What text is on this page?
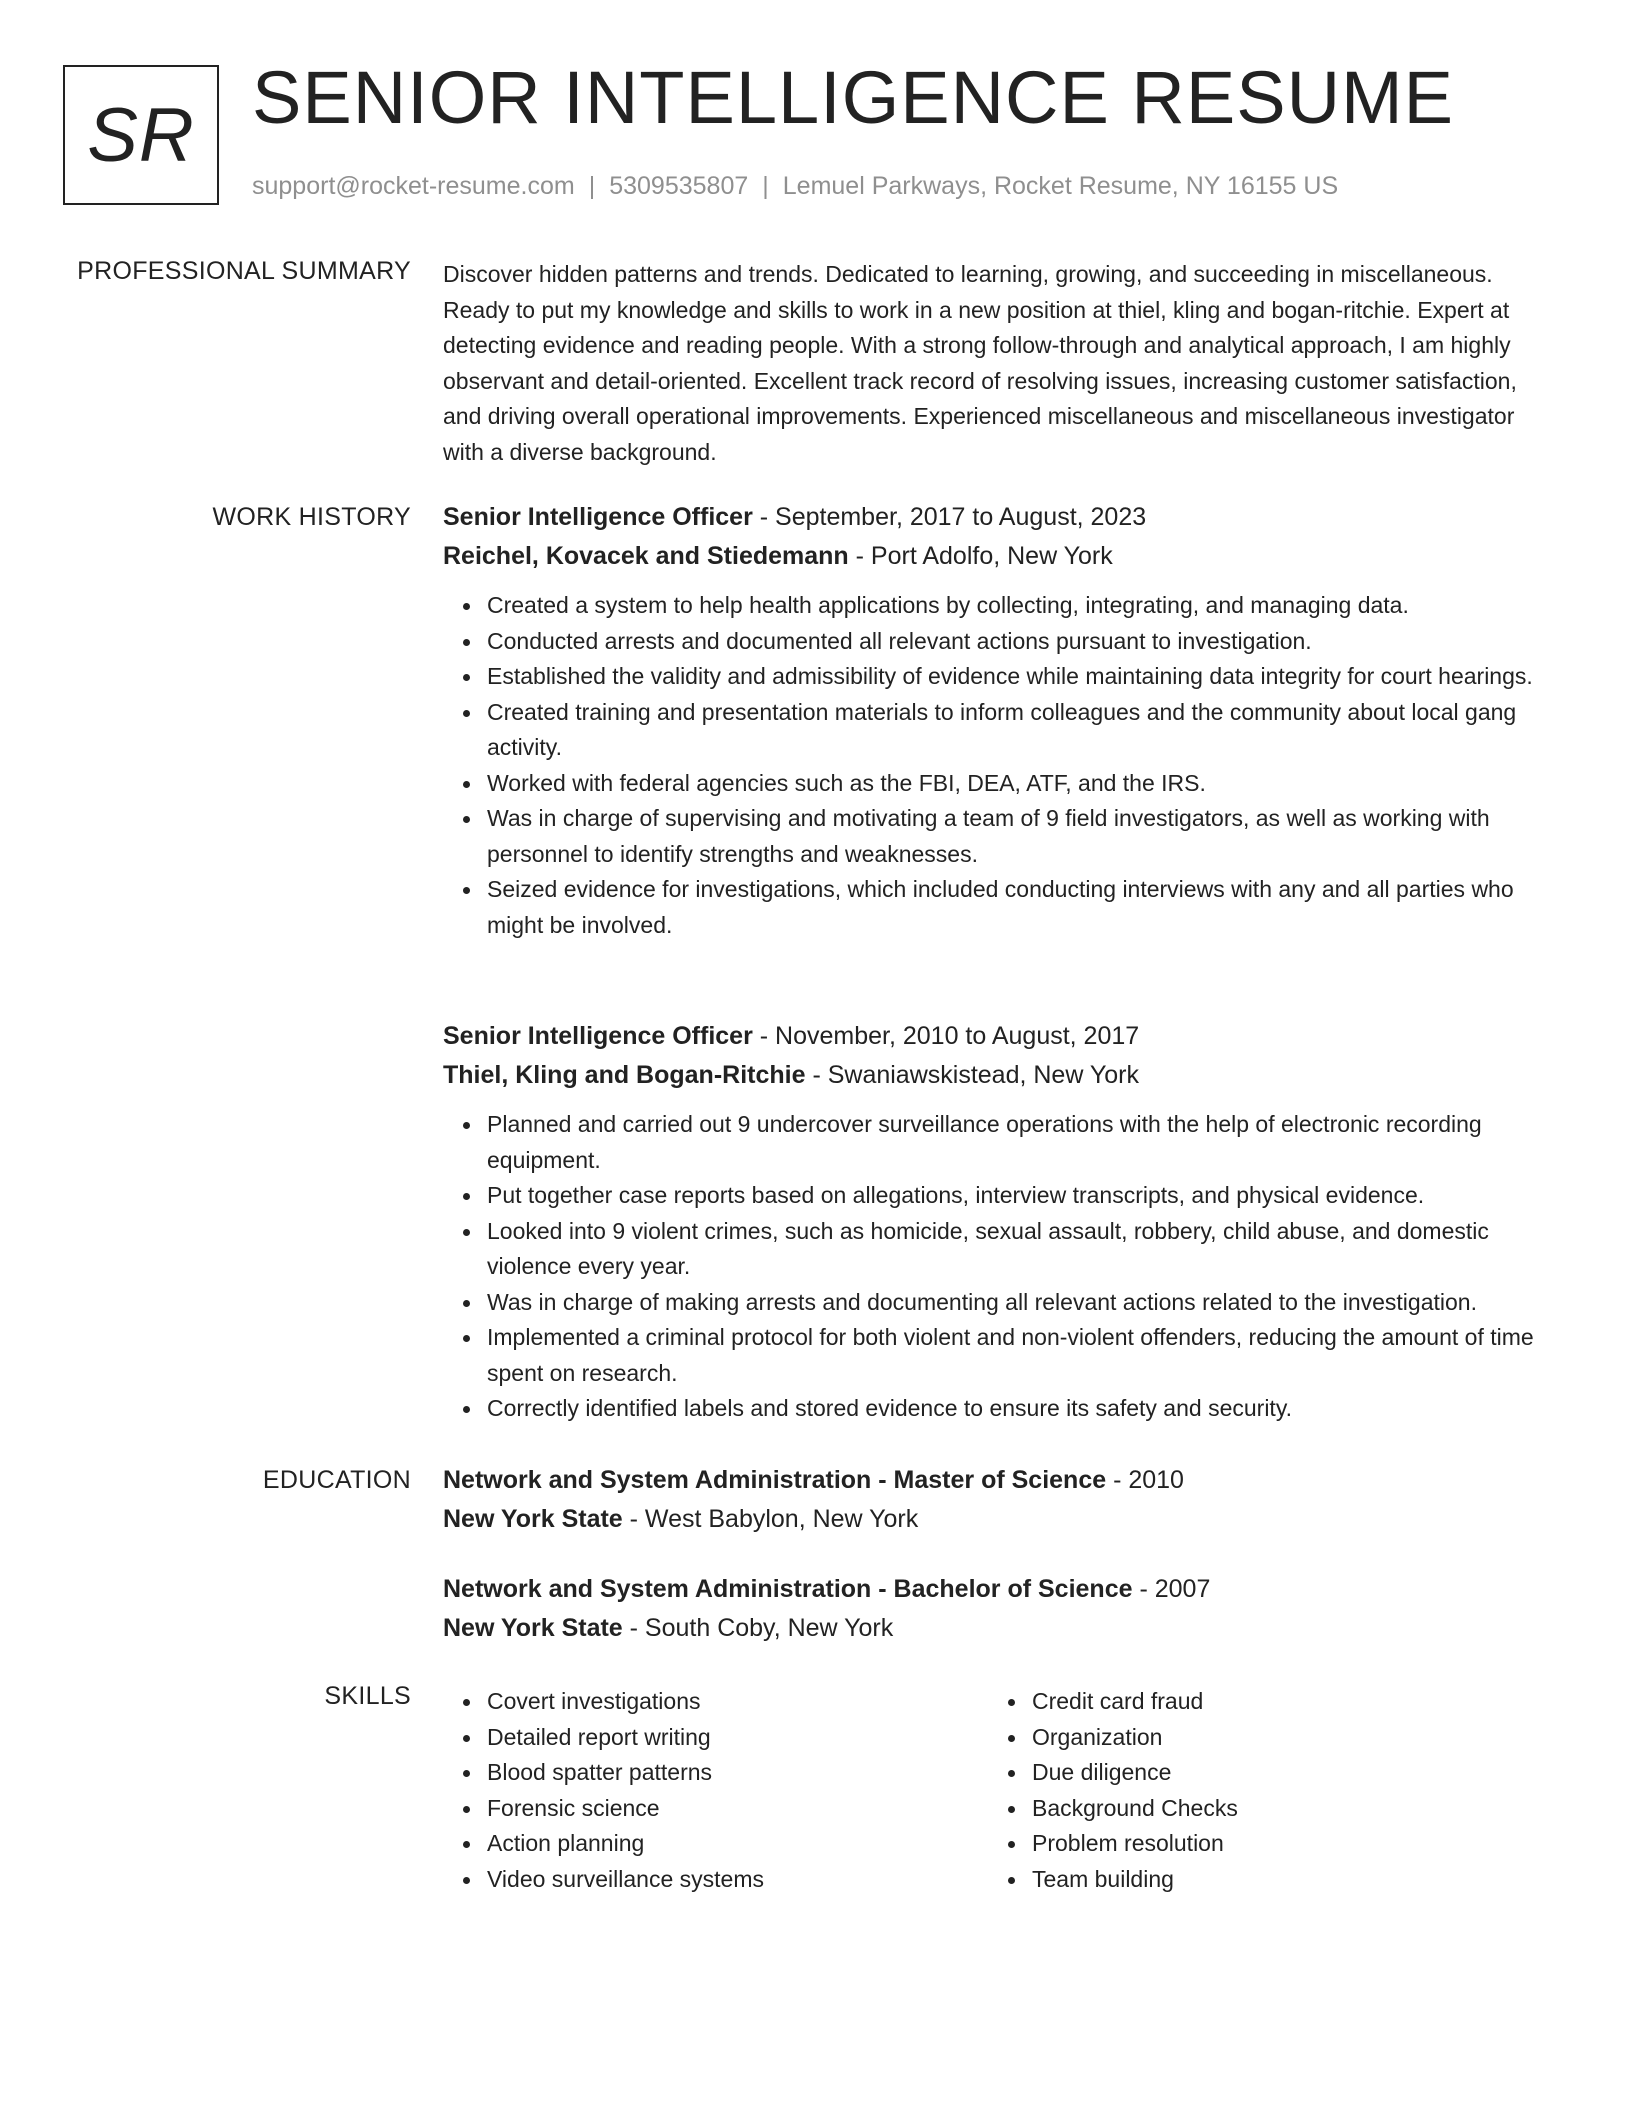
SR SENIOR INTELLIGENCE RESUME
support@rocket-resume.com | 5309535807 | Lemuel Parkways, Rocket Resume, NY 16155 US
PROFESSIONAL SUMMARY Discover hidden patterns and trends. Dedicated to learning, growing, and succeeding in miscellaneous. Ready to put my knowledge and skills to work in a new position at thiel, kling and bogan-ritchie. Expert at detecting evidence and reading people. With a strong follow-through and analytical approach, I am highly observant and detail-oriented. Excellent track record of resolving issues, increasing customer satisfaction, and driving overall operational improvements. Experienced miscellaneous and miscellaneous investigator with a diverse background.

WORK HISTORY Senior Intelligence Officer - September, 2017 to August, 2023
Reichel, Kovacek and Stiedemann - Port Adolfo, New York
Created a system to help health applications by collecting, integrating, and managing data.
Conducted arrests and documented all relevant actions pursuant to investigation.
Established the validity and admissibility of evidence while maintaining data integrity for court hearings.
Created training and presentation materials to inform colleagues and the community about local gang activity.
Worked with federal agencies such as the FBI, DEA, ATF, and the IRS.
Was in charge of supervising and motivating a team of 9 field investigators, as well as working with personnel to identify strengths and weaknesses.
Seized evidence for investigations, which included conducting interviews with any and all parties who might be involved.
Senior Intelligence Officer - November, 2010 to August, 2017
Thiel, Kling and Bogan-Ritchie - Swaniawskistead, New York
Planned and carried out 9 undercover surveillance operations with the help of electronic recording equipment.
Put together case reports based on allegations, interview transcripts, and physical evidence.
Looked into 9 violent crimes, such as homicide, sexual assault, robbery, child abuse, and domestic violence every year.
Was in charge of making arrests and documenting all relevant actions related to the investigation.
Implemented a criminal protocol for both violent and non-violent offenders, reducing the amount of time spent on research.
Correctly identified labels and stored evidence to ensure its safety and security.
EDUCATION Network and System Administration - Master of Science - 2010
New York State - West Babylon, New York
Network and System Administration - Bachelor of Science - 2007
New York State - South Coby, New York
SKILLS	Covert investigations
Detailed report writing
Blood spatter patterns
Forensic science
Action planning
Video surveillance systems
Credit card fraud
Organization
Due diligence
Background Checks
Problem resolution
Team building
